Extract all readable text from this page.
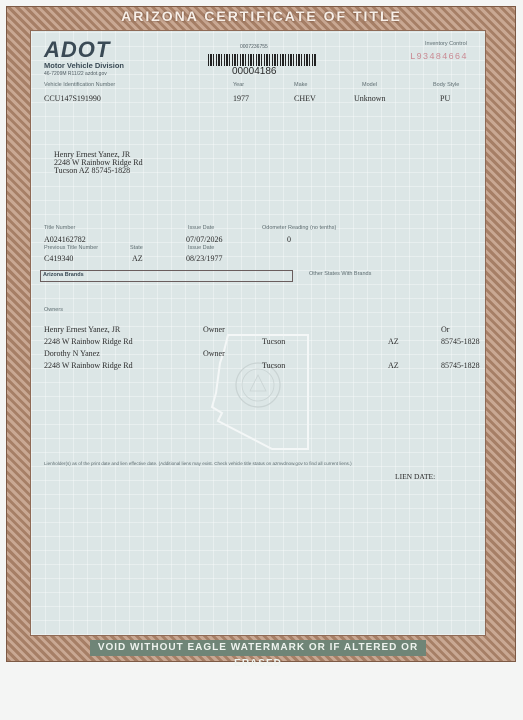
ARIZONA CERTIFICATE OF TITLE
ADOT
Motor Vehicle Division
46-7209M R11/22 azdot.gov
0007236755
00004186
Inventory Control
L93484664
Vehicle Identification Number	Year	Make	Model	Body Style
CCU147S191990	1977	CHEV	Unknown	PU
Henry Ernest Yanez, JR
2248 W Rainbow Ridge Rd
Tucson AZ 85745-1828
Title Number	Issue Date	Odometer Reading (no tenths)
A024162782	07/07/2026	0
Previous Title Number	State	Issue Date
C419340	AZ	08/23/1977
Arizona Brands	Other States With Brands
Owners
Henry Ernest Yanez, JR	Owner	Or
2248 W Rainbow Ridge Rd	Tucson	AZ	85745-1828
Dorothy N Yanez	Owner
2248 W Rainbow Ridge Rd	Tucson	AZ	85745-1828
Lienholder(s) as of the print date and lien effective date. (Additional liens may exist. Check vehicle title status on azmvdnow.gov to find all current liens.)
LIEN DATE:
VOID WITHOUT EAGLE WATERMARK OR IF ALTERED OR ERASED
